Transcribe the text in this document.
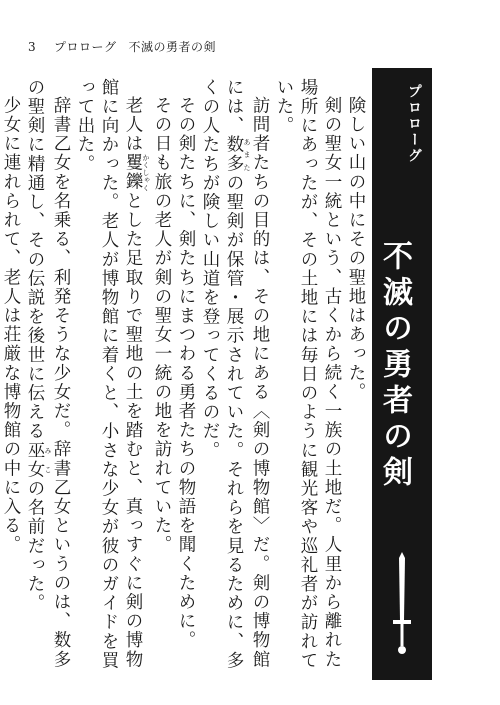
3 プロローグ 不滅の勇者の剣

険しい山の中にその聖地はあった。

剣の聖女一統という、古くから続く一族の土地だ。人里から離れた場所にあったが、その土地には毎日のように観光客や巡礼者が訪れていた。

訪問者たちの目的は、その地にある〈剣の博物館〉だ。剣の博物館には、数多 あまたの聖剣が保管・展示されていた。それらを見るために、多くの人たちが険しい山道を登ってくるのだ。

その剣たちに、剣たちにまつわる勇者たちの物語を聞くために。

その日も旅の老人が剣の聖女一統の地を訪れていた。

老人は矍鑠 かくしゃくとした足取りで聖地の土を踏むと、真っすぐに剣の博物館に向かった。老人が博物館に着くと、小さな少女が彼のガイドを買って出た。

辞書乙女を名乗る、利発そうな少女だ。辞書乙女というのは、数多の聖剣に精通し、その伝説を後世に伝える巫女 みこの名前だった。

少女に連れられて、老人は荘厳な博物館の中に入る。	プロローグ
不滅の勇者の剣
